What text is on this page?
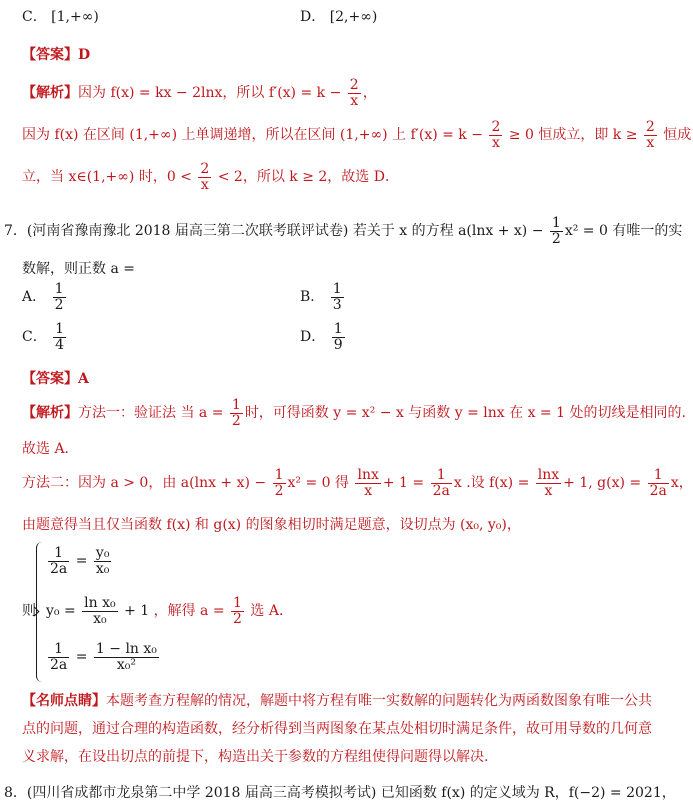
C． [1,+∞)	D． [2,+∞)
【答案】D
【解析】因为 f(x) = kx − 2lnx，所以 $f'(x) = k - \frac{2}{x}$ ，
因为 f(x) 在区间 (1,+∞) 上单调递增，所以在区间 (1,+∞) 上 $f'(x) = k - \frac{2}{x} \ge 0$ 恒成立，即 $k \ge \frac{2}{x}$ 恒成
立，当 x∈(1,+∞) 时，$0 < \frac{2}{x} < 2$，所以 k ≥ 2，故选 D．
7．(河南省豫南豫北 2018 届高三第二次联考联评试卷) 若关于 x 的方程 $a(\ln x + x) - \frac{1}{2} x^2 = 0$ 有唯一的实
数解，则正数 a =
A． $\frac{1}{2}$	B． $\frac{1}{3}$
C． $\frac{1}{4}$	D． $\frac{1}{9}$
【答案】A
【解析】方法一：验证法 当 $a = \frac{1}{2}$ 时，可得函数 y = x² − x 与函数 y = lnx 在 x = 1 处的切线是相同的.
故选 A．
方法二：因为 a > 0，由 $a(\ln x + x) - \frac{1}{2} x^2 = 0$ 得 $\frac{\ln x}{x} + 1 = \frac{1}{2a}$ x .设 $f(x) = \frac{\ln x}{x} + 1$, $g(x) = \frac{1}{2a}$ x，
由题意得当且仅当函数 f(x) 和 g(x) 的图象相切时满足题意，设切点为 (x₀, y₀)，
则
$\frac{1}{2a} = \frac{\text{y₀}}{\text{x₀}}$
$y_0 = \frac{\text{ln x₀}}{\text{x₀}} + 1$ ，解得 $a = \frac{1}{2}$ 选 A．
$\frac{1}{2a} = \frac{\text{1 − ln x₀}}{\text{x₀²}}$
【名师点睛】本题考查方程解的情况，解题中将方程有唯一实数解的问题转化为两函数图象有唯一公共
点的问题，通过合理的构造函数，经分析得到当两图象在某点处相切时满足条件，故可用导数的几何意
义求解，在设出切点的前提下，构造出关于参数的方程组使得问题得以解决.
8．(四川省成都市龙泉第二中学 2018 届高三高考模拟考试) 已知函数 f(x) 的定义域为 R，f(−2) = 2021，
